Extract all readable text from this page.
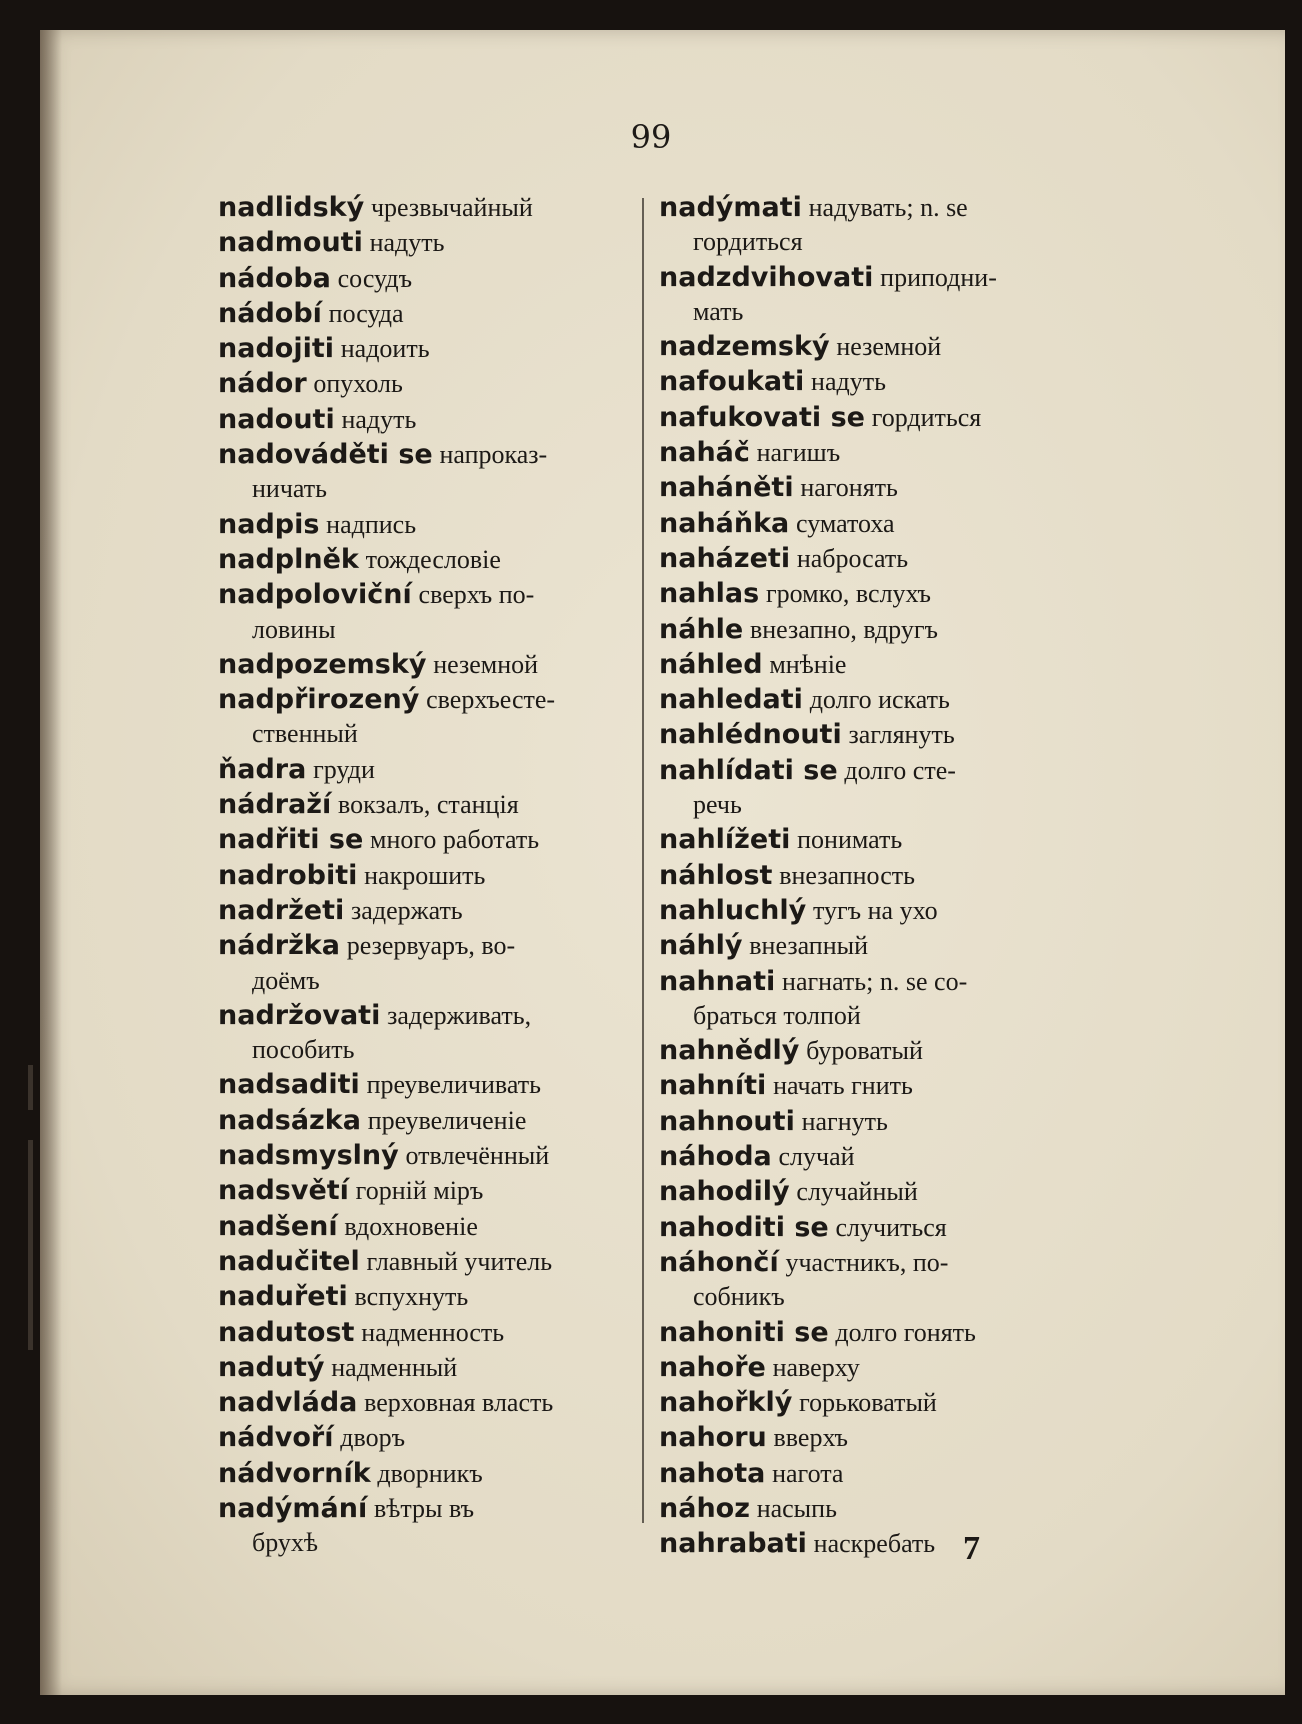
99
nadlidský чрезвычайный
nadmouti надуть
nádoba сосудъ
nádobí посуда
nadojiti надоить
nádor опухоль
nadouti надуть
nadováděti se напроказ-
ничать
nadpis надпись
nadplněk тождесловіе
nadpoloviční сверхъ по-
ловины
nadpozemský неземной
nadpřirozený сверхъесте-
ственный
ňadra груди
nádraží вокзалъ, станція
nadřiti se много работать
nadrobiti накрошить
nadržeti задержать
nádržka резервуаръ, во-
доёмъ
nadržovati задерживать,
пособить
nadsaditi преувеличивать
nadsázka преувеличеніе
nadsmyslný отвлечённый
nadsvětí горній міръ
nadšení вдохновеніе
nadučitel главный учитель
naduřeti вспухнуть
nadutost надменность
nadutý надменный
nadvláda верховная власть
nádvoří дворъ
nádvorník дворникъ
nadýmání вѣтры въ
брухѣ
nadýmati надувать; n. se
гордиться
nadzdvihovati приподни-
мать
nadzemský неземной
nafoukati надуть
nafukovati se гордиться
naháč нагишъ
naháněti нагонять
naháňka суматоха
naházeti набросать
nahlas громко, вслухъ
náhle внезапно, вдругъ
náhled мнѣніе
nahledati долго искать
nahlédnouti заглянуть
nahlídati se долго сте-
речь
nahlížeti понимать
náhlost внезапность
nahluchlý тугъ на ухо
náhlý внезапный
nahnati нагнать; n. se со-
браться толпой
nahnědlý буроватый
nahníti начать гнить
nahnouti нагнуть
náhoda случай
nahodilý случайный
nahoditi se случиться
náhončí участникъ, по-
собникъ
nahoniti se долго гонять
nahoře наверху
nahořklý горьковатый
nahoru вверхъ
nahota нагота
nához насыпь
nahrabati наскребать 7
